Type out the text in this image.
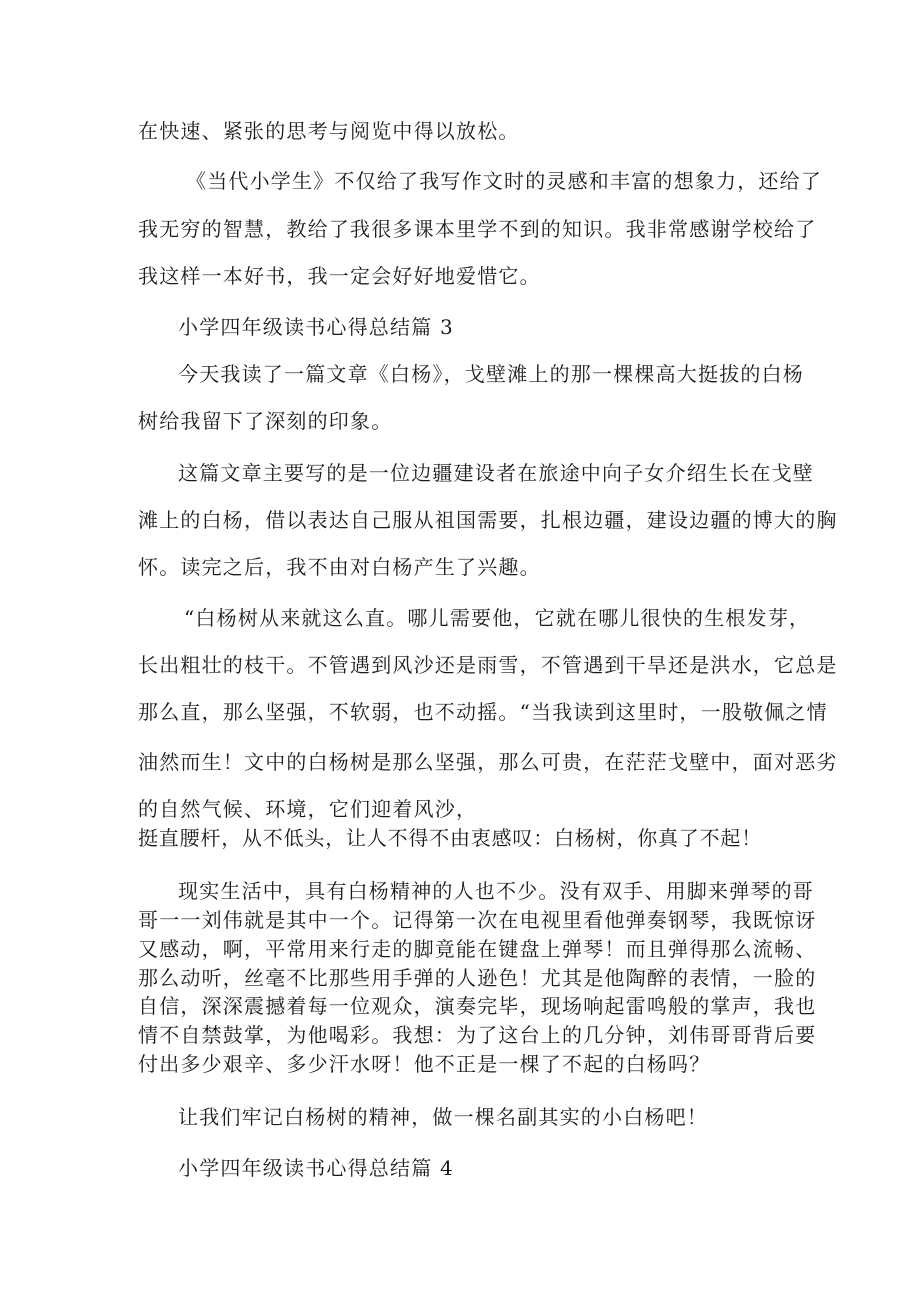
在快速、紧张的思考与阅览中得以放松。
《当代小学生》不仅给了我写作文时的灵感和丰富的想象力，还给了
我无穷的智慧，教给了我很多课本里学不到的知识。我非常感谢学校给了
我这样一本好书，我一定会好好地爱惜它。
小学四年级读书心得总结篇 3
今天我读了一篇文章《白杨》，戈壁滩上的那一棵棵高大挺拔的白杨
树给我留下了深刻的印象。
这篇文章主要写的是一位边疆建设者在旅途中向子女介绍生长在戈壁
滩上的白杨，借以表达自己服从祖国需要，扎根边疆，建设边疆的博大的胸
怀。读完之后，我不由对白杨产生了兴趣。
“白杨树从来就这么直。哪儿需要他，它就在哪儿很快的生根发芽，
长出粗壮的枝干。不管遇到风沙还是雨雪，不管遇到干旱还是洪水，它总是
那么直，那么坚强，不软弱，也不动摇。“当我读到这里时，一股敬佩之情
油然而生！文中的白杨树是那么坚强，那么可贵，在茫茫戈壁中，面对恶劣
的自然气候、环境，它们迎着风沙，
挺直腰杆，从不低头，让人不得不由衷感叹：白杨树，你真了不起！
现实生活中，具有白杨精神的人也不少。没有双手、用脚来弹琴的哥
哥一一刘伟就是其中一个。记得第一次在电视里看他弹奏钢琴，我既惊讶
又感动，啊，平常用来行走的脚竟能在键盘上弹琴！而且弹得那么流畅、
那么动听，丝毫不比那些用手弹的人逊色！尤其是他陶醉的表情，一脸的
自信，深深震撼着每一位观众，演奏完毕，现场响起雷鸣般的掌声，我也
情不自禁鼓掌，为他喝彩。我想：为了这台上的几分钟，刘伟哥哥背后要
付出多少艰辛、多少汗水呀！他不正是一棵了不起的白杨吗？
让我们牢记白杨树的精神，做一棵名副其实的小白杨吧！
小学四年级读书心得总结篇 4
